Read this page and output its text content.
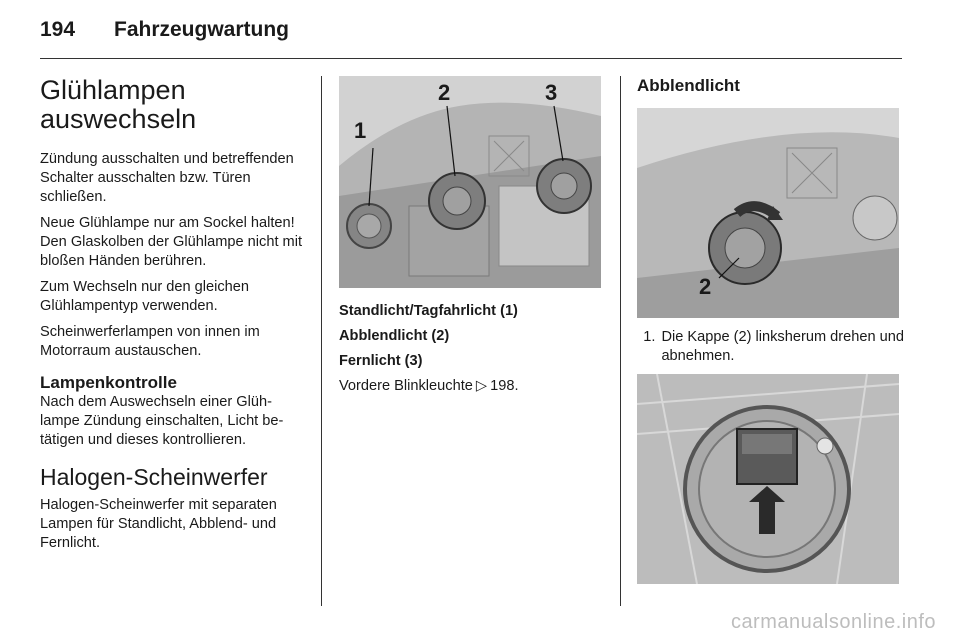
194 Fahrzeugwartung
Glühlampen
auswechseln

Zündung ausschalten und betreffenden Schalter ausschalten bzw. Türen schließen.

Neue Glühlampe nur am Sockel halten! Den Glaskolben der Glühlampe nicht mit bloßen Händen berühren.

Zum Wechseln nur den gleichen Glühlampentyp verwenden.

Scheinwerferlampen von innen im Motorraum austauschen.

Lampenkontrolle

Nach dem Auswechseln einer Glühlampe Zündung einschalten, Licht betätigen und dieses kontrollieren.

Halogen-Scheinwerfer

Halogen-Scheinwerfer mit separaten Lampen für Standlicht, Abblend- und Fernlicht.

1
2	3
Standlicht/Tagfahrlicht (1)
Abblendlicht (2)
Fernlicht (3)
Vordere Blinkleuchte ▷ 198.
Abblendlicht
2
1. Die Kappe (2) linksherum drehen und abnehmen.
carmanualsonline.info
